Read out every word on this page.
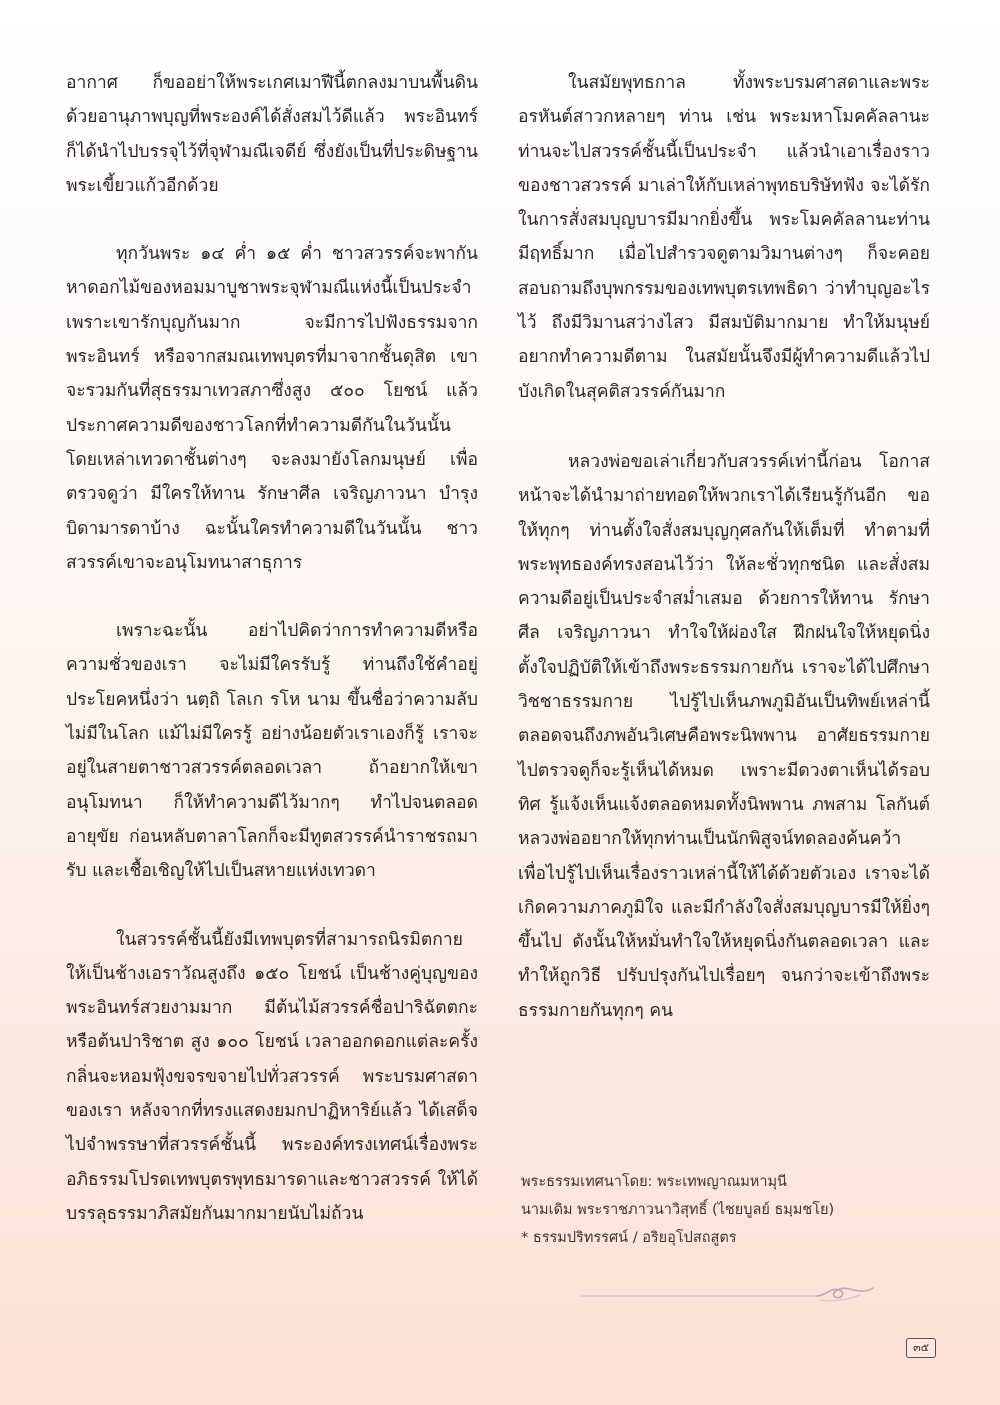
อากาศ ก็ขออย่าให้พระเกศเมาฬีนี้ตกลงมาบนพื้นดิน ด้วยอานุภาพบุญที่พระองค์ได้สั่งสมไว้ดีแล้ว พระอินทร์ก็ได้นำไปบรรจุไว้ที่จุฬามณีเจดีย์ ซึ่งยังเป็นที่ประดิษฐานพระเขี้ยวแก้วอีกด้วย

ทุกวันพระ ๑๔ ค่ำ ๑๕ ค่ำ ชาวสวรรค์จะพากันหาดอกไม้ของหอมมาบูชาพระจุฬามณีแห่งนี้เป็นประจำ เพราะเขารักบุญกันมาก จะมีการไปฟังธรรมจากพระอินทร์ หรือจากสมณเทพบุตรที่มาจากชั้นดุสิต เขาจะรวมกันที่สุธรรมาเทวสภาซึ่งสูง ๕๐๐ โยชน์ แล้วประกาศความดีของชาวโลกที่ทำความดีกันในวันนั้น โดยเหล่าเทวดาชั้นต่างๆ จะลงมายังโลกมนุษย์ เพื่อตรวจดูว่า มีใครให้ทาน รักษาศีล เจริญภาวนา บำรุงบิดามารดาบ้าง ฉะนั้นใครทำความดีในวันนั้น ชาวสวรรค์เขาจะอนุโมทนาสาธุการ

เพราะฉะนั้น อย่าไปคิดว่าการทำความดีหรือความชั่วของเรา จะไม่มีใครรับรู้ ท่านถึงใช้คำอยู่ประโยคหนึ่งว่า นตฺถิ โลเก รโห นาม ขึ้นชื่อว่าความลับ ไม่มีในโลก แม้ไม่มีใครรู้ อย่างน้อยตัวเราเองก็รู้ เราจะอยู่ในสายตาชาวสวรรค์ตลอดเวลา ถ้าอยากให้เขาอนุโมทนา ก็ให้ทำความดีไว้มากๆ ทำไปจนตลอดอายุขัย ก่อนหลับตาลาโลกก็จะมีทูตสวรรค์นำราชรถมารับ และเชื้อเชิญให้ไปเป็นสหายแห่งเทวดา

ในสวรรค์ชั้นนี้ยังมีเทพบุตรที่สามารถนิรมิตกายให้เป็นช้างเอราวัณสูงถึง ๑๕๐ โยชน์ เป็นช้างคู่บุญของพระอินทร์สวยงามมาก มีต้นไม้สวรรค์ชื่อปาริฉัตตกะ หรือต้นปาริชาต สูง ๑๐๐ โยชน์ เวลาออกดอกแต่ละครั้ง กลิ่นจะหอมฟุ้งขจรขจายไปทั่วสวรรค์ พระบรมศาสดาของเรา หลังจากที่ทรงแสดงยมกปาฏิหาริย์แล้ว ได้เสด็จไปจำพรรษาที่สวรรค์ชั้นนี้ พระองค์ทรงเทศน์เรื่องพระอภิธรรมโปรดเทพบุตรพุทธมารดาและชาวสวรรค์ ให้ได้บรรลุธรรมาภิสมัยกันมากมายนับไม่ถ้วน

ในสมัยพุทธกาล ทั้งพระบรมศาสดาและพระอรหันต์สาวกหลายๆ ท่าน เช่น พระมหาโมคคัลลานะ ท่านจะไปสวรรค์ชั้นนี้เป็นประจำ แล้วนำเอาเรื่องราวของชาวสวรรค์ มาเล่าให้กับเหล่าพุทธบริษัทฟัง จะได้รักในการสั่งสมบุญบารมีมากยิ่งขึ้น พระโมคคัลลานะท่านมีฤทธิ์มาก เมื่อไปสำรวจดูตามวิมานต่างๆ ก็จะคอยสอบถามถึงบุพกรรมของเทพบุตรเทพธิดา ว่าทำบุญอะไรไว้ ถึงมีวิมานสว่างไสว มีสมบัติมากมาย ทำให้มนุษย์อยากทำความดีตาม ในสมัยนั้นจึงมีผู้ทำความดีแล้วไปบังเกิดในสุคติสวรรค์กันมาก

หลวงพ่อขอเล่าเกี่ยวกับสวรรค์เท่านี้ก่อน โอกาสหน้าจะได้นำมาถ่ายทอดให้พวกเราได้เรียนรู้กันอีก ขอให้ทุกๆ ท่านตั้งใจสั่งสมบุญกุศลกันให้เต็มที่ ทำตามที่พระพุทธองค์ทรงสอนไว้ว่า ให้ละชั่วทุกชนิด และสั่งสมความดีอยู่เป็นประจำสม่ำเสมอ ด้วยการให้ทาน รักษาศีล เจริญภาวนา ทำใจให้ผ่องใส ฝึกฝนใจให้หยุดนิ่ง ตั้งใจปฏิบัติให้เข้าถึงพระธรรมกายกัน เราจะได้ไปศึกษาวิชชาธรรมกาย ไปรู้ไปเห็นภพภูมิอันเป็นทิพย์เหล่านี้ ตลอดจนถึงภพอันวิเศษคือพระนิพพาน อาศัยธรรมกายไปตรวจดูก็จะรู้เห็นได้หมด เพราะมีดวงตาเห็นได้รอบทิศ รู้แจ้งเห็นแจ้งตลอดหมดทั้งนิพพาน ภพสาม โลกันต์ หลวงพ่ออยากให้ทุกท่านเป็นนักพิสูจน์ทดลองค้นคว้า เพื่อไปรู้ไปเห็นเรื่องราวเหล่านี้ให้ได้ด้วยตัวเอง เราจะได้เกิดความภาคภูมิใจ และมีกำลังใจสั่งสมบุญบารมีให้ยิ่งๆ ขึ้นไป ดังนั้นให้หมั่นทำใจให้หยุดนิ่งกันตลอดเวลา และทำให้ถูกวิธี ปรับปรุงกันไปเรื่อยๆ จนกว่าจะเข้าถึงพระธรรมกายกันทุกๆ คน

พระธรรมเทศนาโดย: พระเทพญาณมหามุนี
นามเดิม พระราชภาวนาวิสุทธิ์ (ไชยบูลย์ ธมฺมชโย)
* ธรรมปริทรรศน์ / อริยอุโปสถสูตร
๓๕
